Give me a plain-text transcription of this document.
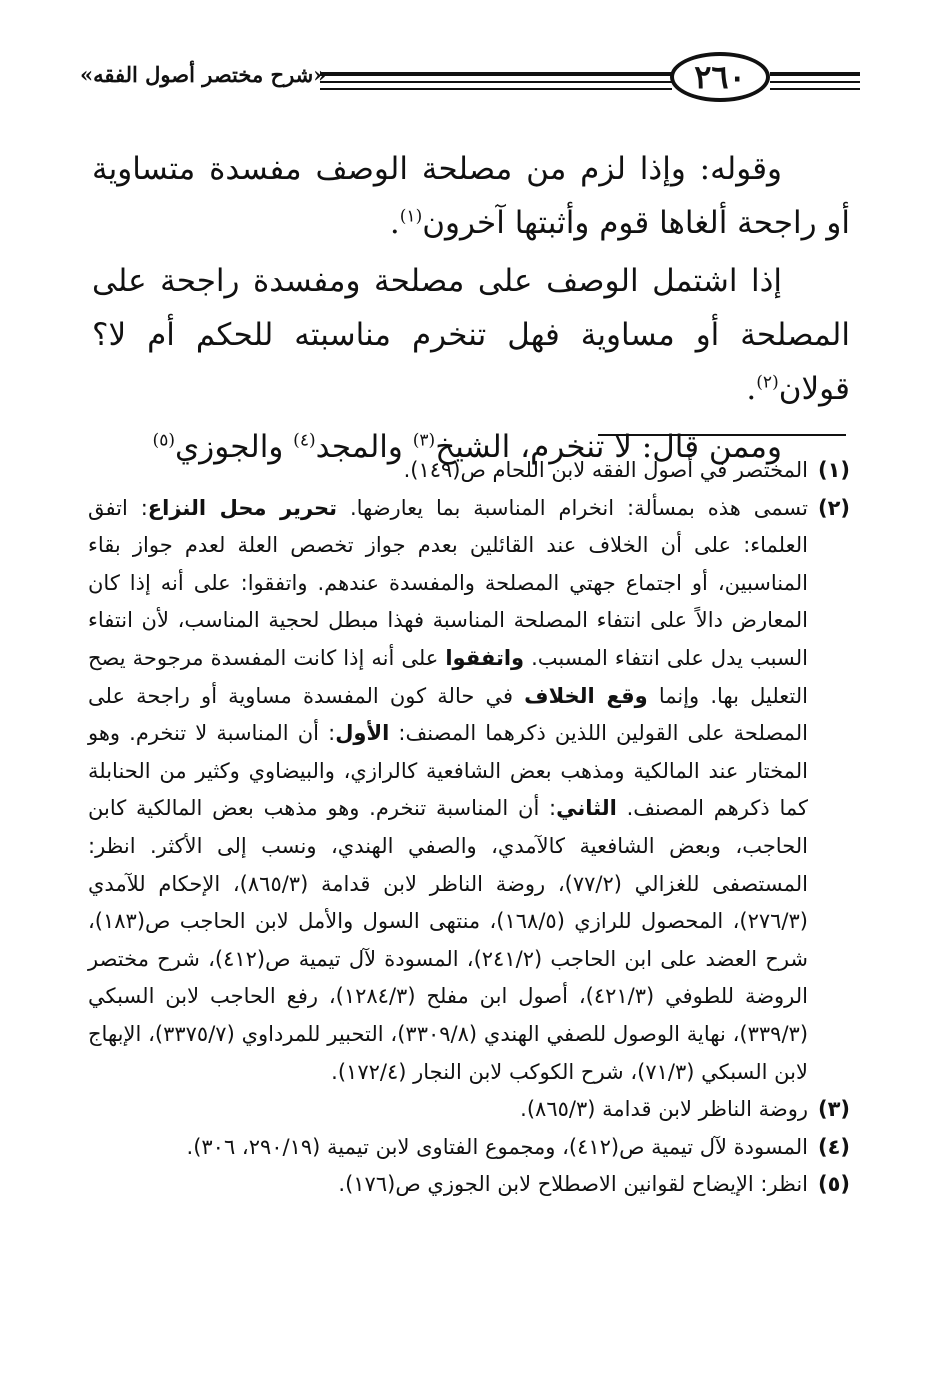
«شرح مختصر أصول الفقه»	٢٦٠

وقوله: وإذا لزم من مصلحة الوصف مفسدة متساوية أو راجحة ألغاها قوم وأثبتها آخرون$^{(١)}$.

إذا اشتمل الوصف على مصلحة ومفسدة راجحة على المصلحة أو مساوية فهل تنخرم مناسبته للحكم أم لا؟ قولان$^{(٢)}$.

وممن قال: لا تنخرم، الشيخ$^{(٣)}$ والمجد$^{(٤)}$ والجوزي$^{(٥)}$

(١)
المختصر في أصول الفقه لابن اللحام ص(١٤٩).
(٢)
تسمى هذه بمسألة: انخرام المناسبة بما يعارضها. تحرير محل النزاع: اتفق العلماء: على أن الخلاف عند القائلين بعدم جواز تخصص العلة لعدم جواز بقاء المناسبين، أو اجتماع جهتي المصلحة والمفسدة عندهم. واتفقوا: على أنه إذا كان المعارض دالاً على انتفاء المصلحة المناسبة فهذا مبطل لحجية المناسب، لأن انتفاء السبب يدل على انتفاء المسبب. واتفقوا على أنه إذا كانت المفسدة مرجوحة يصح التعليل بها. وإنما وقع الخلاف في حالة كون المفسدة مساوية أو راجحة على المصلحة على القولين اللذين ذكرهما المصنف: الأول: أن المناسبة لا تنخرم. وهو المختار عند المالكية ومذهب بعض الشافعية كالرازي، والبيضاوي وكثير من الحنابلة كما ذكرهم المصنف. الثاني: أن المناسبة تنخرم. وهو مذهب بعض المالكية كابن الحاجب، وبعض الشافعية كالآمدي، والصفي الهندي، ونسب إلى الأكثر. انظر: المستصفى للغزالي (٧٧/٢)، روضة الناظر لابن قدامة (٨٦٥/٣)، الإحكام للآمدي (٢٧٦/٣)، المحصول للرازي (١٦٨/٥)، منتهى السول والأمل لابن الحاجب ص(١٨٣)، شرح العضد على ابن الحاجب (٢٤١/٢)، المسودة لآل تيمية ص(٤١٢)، شرح مختصر الروضة للطوفي (٤٢١/٣)، أصول ابن مفلح (١٢٨٤/٣)، رفع الحاجب لابن السبكي (٣٣٩/٣)، نهاية الوصول للصفي الهندي (٣٣٠٩/٨)، التحبير للمرداوي (٣٣٧٥/٧)، الإبهاج لابن السبكي (٧١/٣)، شرح الكوكب لابن النجار (١٧٢/٤).
(٣)
روضة الناظر لابن قدامة (٨٦٥/٣).
(٤)
المسودة لآل تيمية ص(٤١٢)، ومجموع الفتاوى لابن تيمية (٢٩٠/١٩، ٣٠٦).
(٥)
انظر: الإيضاح لقوانين الاصطلاح لابن الجوزي ص(١٧٦).
